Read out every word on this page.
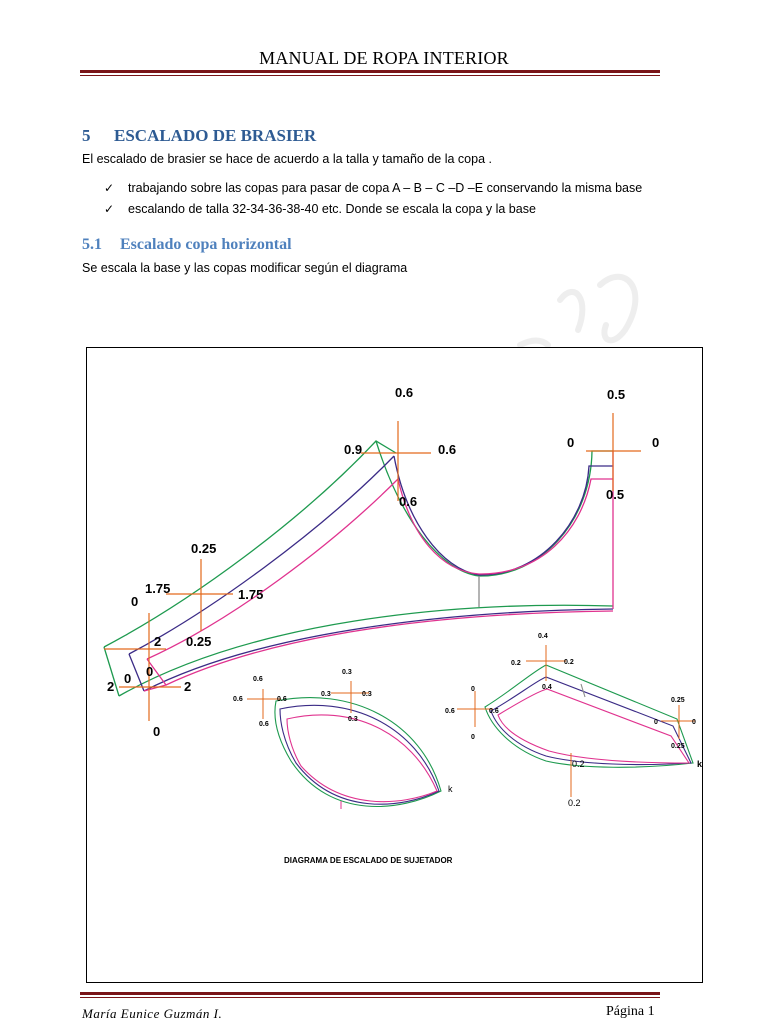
MANUAL DE ROPA INTERIOR
5 ESCALADO DE BRASIER
El escalado de brasier se hace de acuerdo a la talla y tamaño de la copa .
✓ trabajando sobre las copas para pasar de copa A – B – C –D –E conservando la misma base
✓ escalando de talla 32-34-36-38-40 etc. Donde se escala la copa y la base
5.1 Escalado copa horizontal
Se escala la base y las copas modificar según el diagrama
0.6
0.9	0.6
0.6
0.5
0	0
0.5
0.25
1.75	1.75
0.25
0
2
0
2
0
2
0
0.6
0.6	0.6
0.6
0.3
0.3	0.3
0.3
k
0.4
0.2	0.2
0.4
0
0.6	0.6
0
0.25
0	0
0.25
0.2
0.2
k
DIAGRAMA DE ESCALADO DE SUJETADOR
María Eunice Guzmán I.	Página 1
